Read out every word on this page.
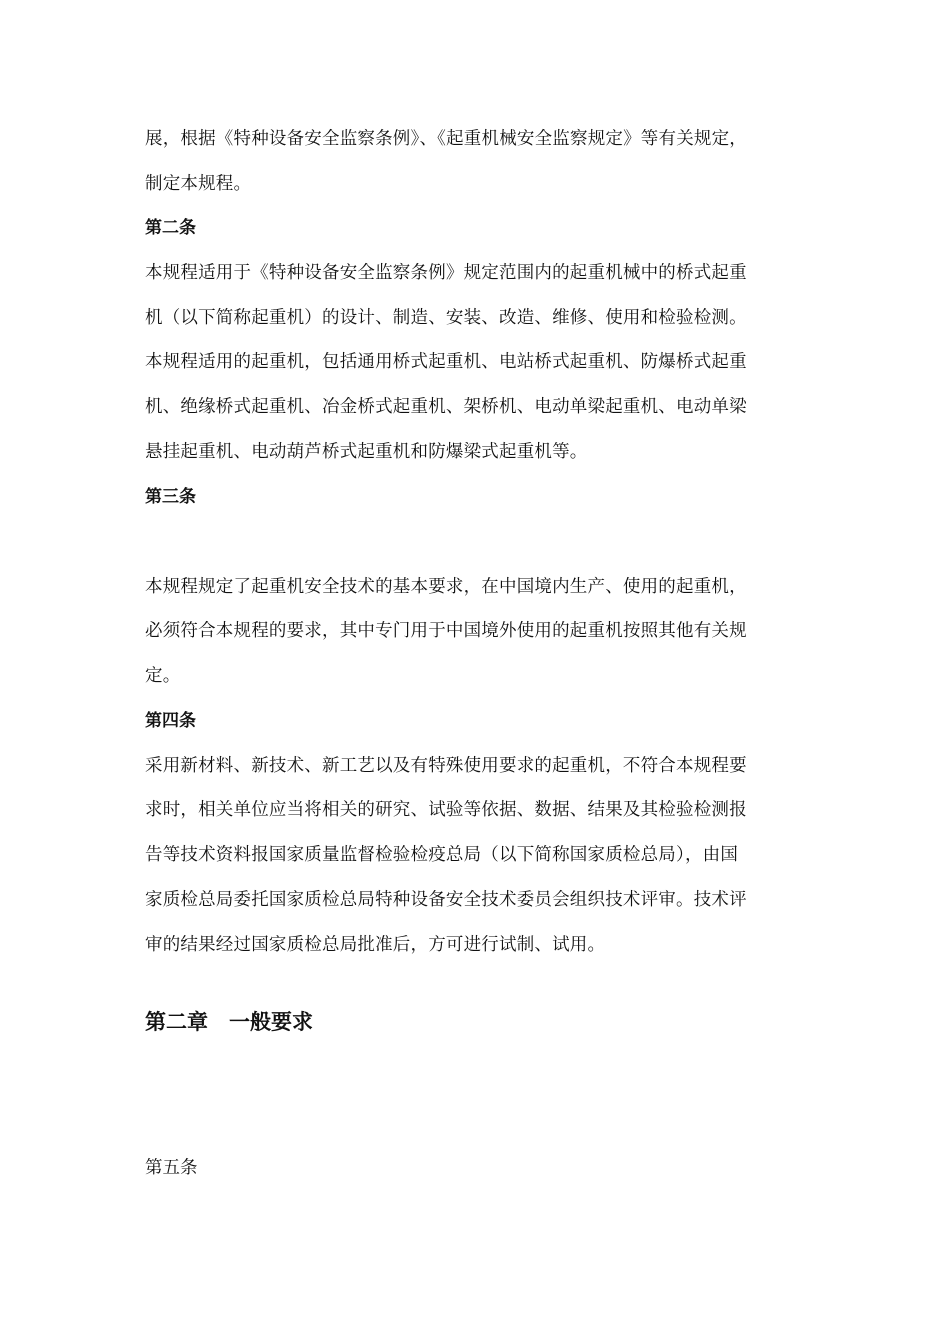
展，根据《特种设备安全监察条例》、《起重机械安全监察规定》等有关规定，
制定本规程。
第二条
本规程适用于《特种设备安全监察条例》规定范围内的起重机械中的桥式起重
机（以下简称起重机）的设计、制造、安装、改造、维修、使用和检验检测。
本规程适用的起重机，包括通用桥式起重机、电站桥式起重机、防爆桥式起重
机、绝缘桥式起重机、冶金桥式起重机、架桥机、电动单梁起重机、电动单梁
悬挂起重机、电动葫芦桥式起重机和防爆梁式起重机等。
第三条
本规程规定了起重机安全技术的基本要求，在中国境内生产、使用的起重机，
必须符合本规程的要求，其中专门用于中国境外使用的起重机按照其他有关规
定。
第四条
采用新材料、新技术、新工艺以及有特殊使用要求的起重机，不符合本规程要
求时，相关单位应当将相关的研究、试验等依据、数据、结果及其检验检测报
告等技术资料报国家质量监督检验检疫总局（以下简称国家质检总局），由国
家质检总局委托国家质检总局特种设备安全技术委员会组织技术评审。技术评
审的结果经过国家质检总局批准后，方可进行试制、试用。
第二章　一般要求
第五条
